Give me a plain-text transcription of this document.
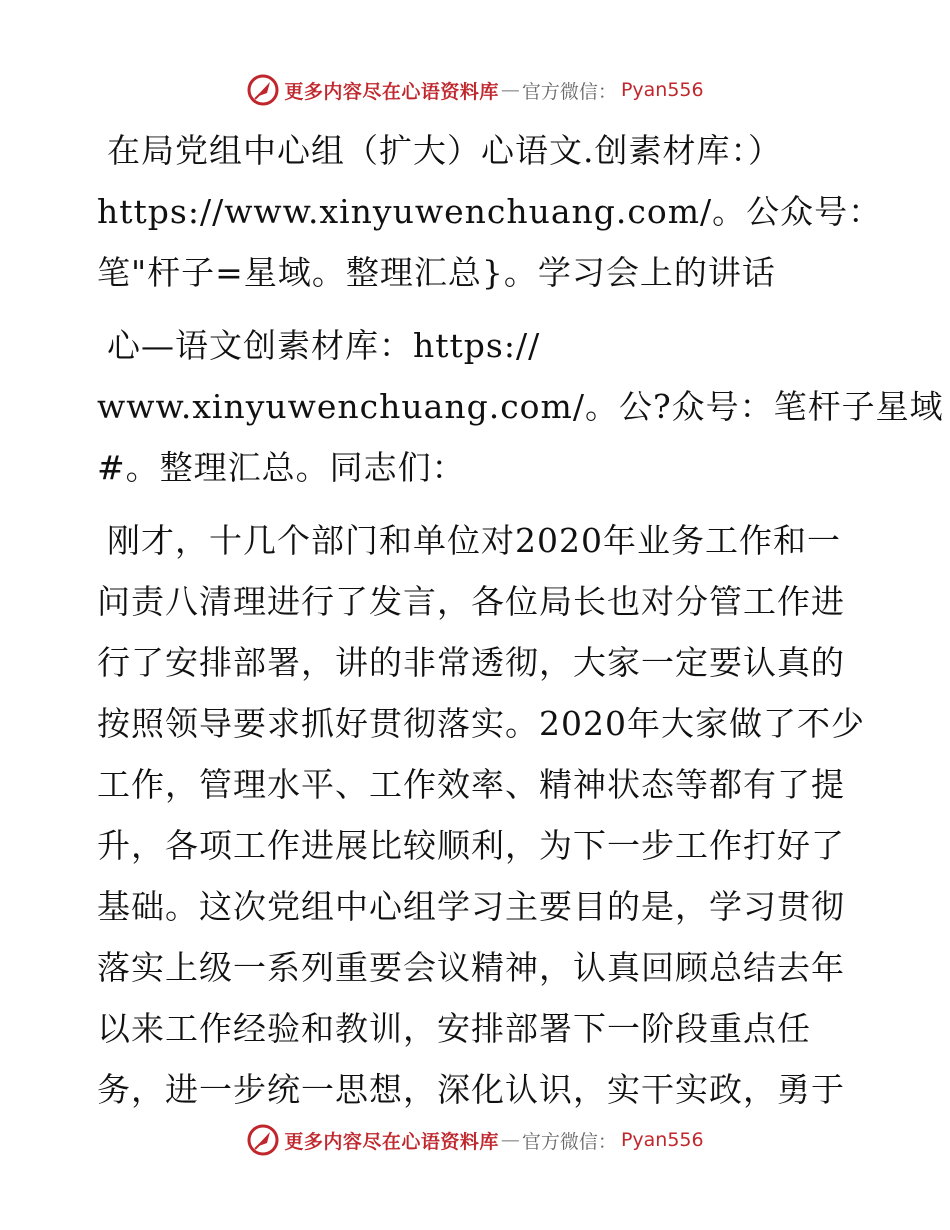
更多内容尽在心语资料库 — 官方微信： Pyan556

在局党组中心组（扩大）心语文.创素材库：）
https://www.xinyuwenchuang.com/。公众号：
笔"杆子=星域。整理汇总}。学习会上的讲话

心—语文创素材库：https://
www.xinyuwenchuang.com/。公?众号：笔杆子星域
#。整理汇总。同志们：

刚才，十几个部门和单位对2020年业务工作和一
问责八清理进行了发言，各位局长也对分管工作进
行了安排部署，讲的非常透彻，大家一定要认真的
按照领导要求抓好贯彻落实。2020年大家做了不少
工作，管理水平、工作效率、精神状态等都有了提
升，各项工作进展比较顺利，为下一步工作打好了
基础。这次党组中心组学习主要目的是，学习贯彻
落实上级一系列重要会议精神，认真回顾总结去年
以来工作经验和教训，安排部署下一阶段重点任
务，进一步统一思想，深化认识，实干实政，勇于

更多内容尽在心语资料库 — 官方微信： Pyan556
